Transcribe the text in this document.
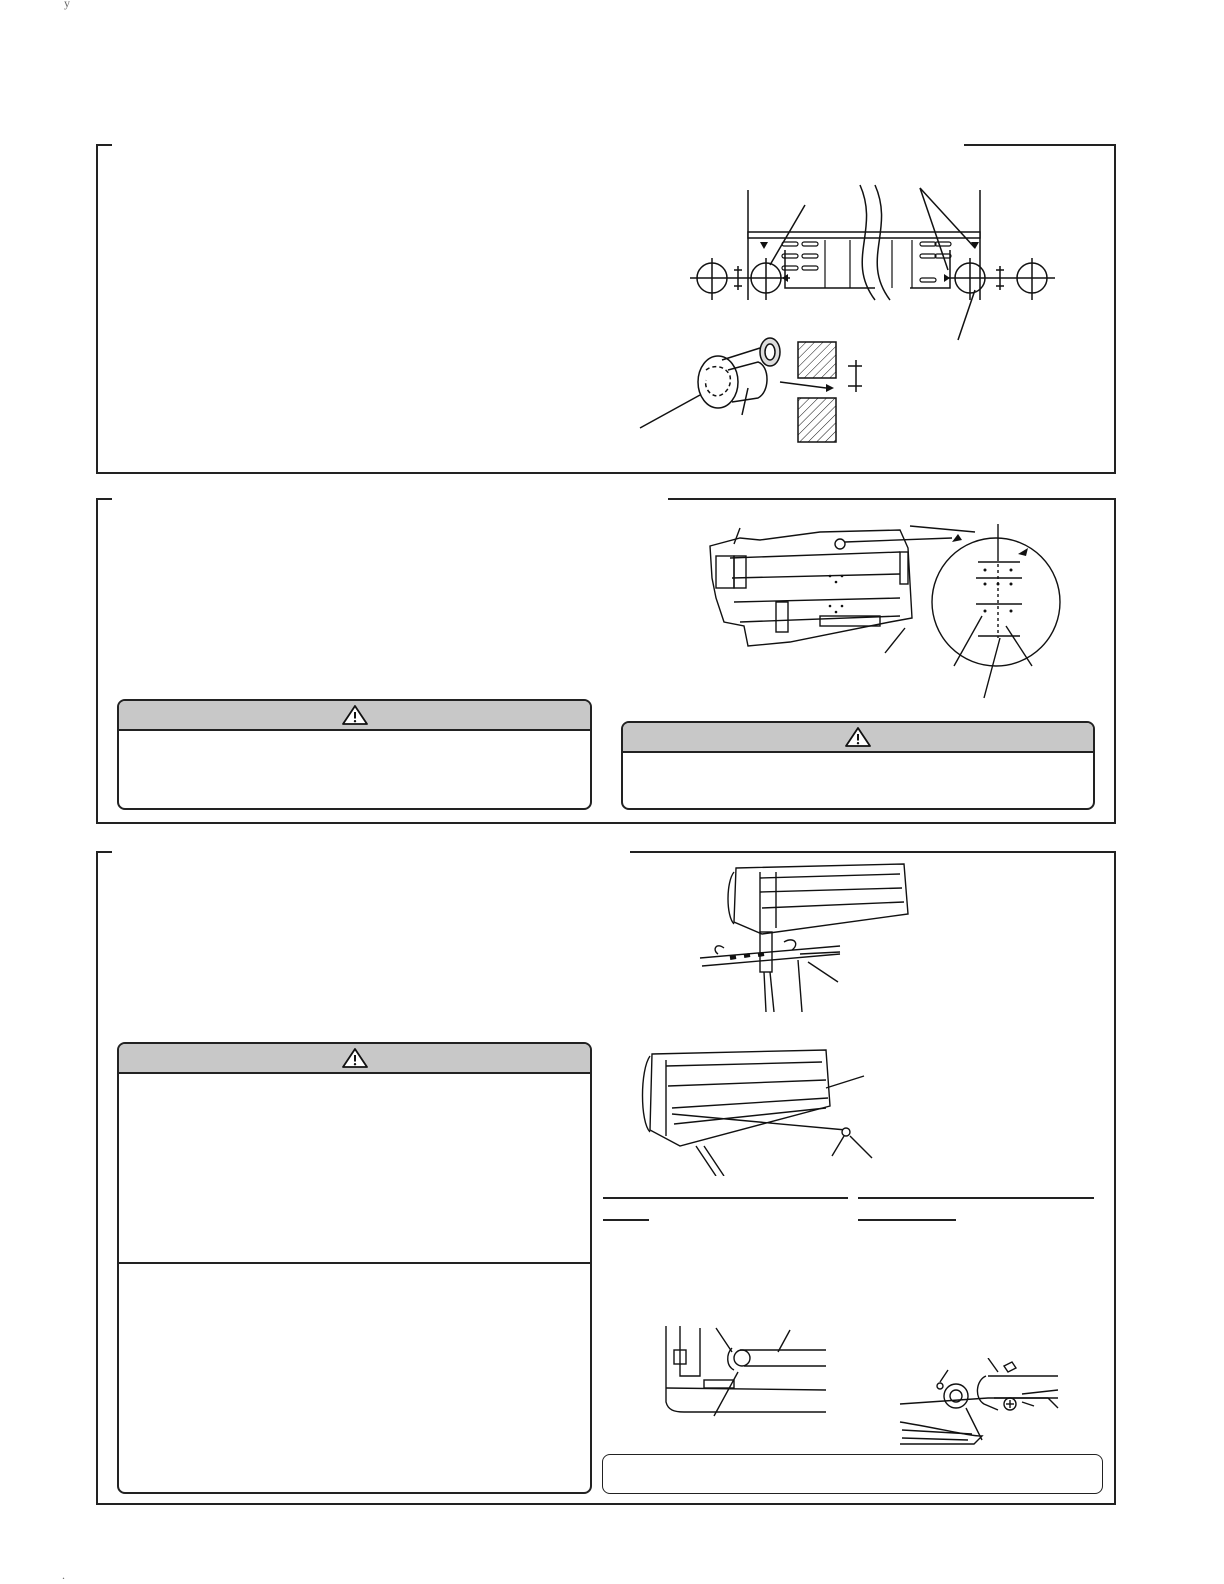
y
.
